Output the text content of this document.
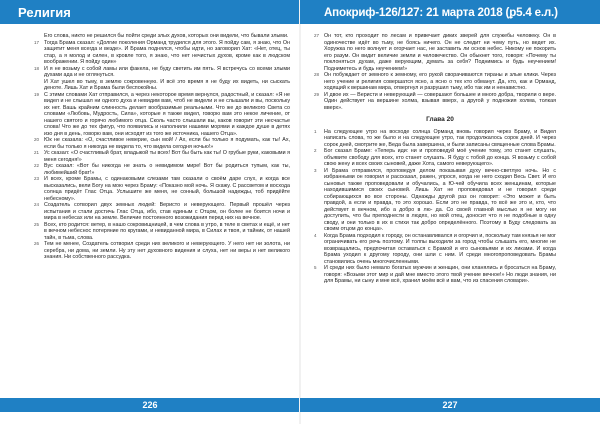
Религия
Его слова, никто не решился бы пойти среди злых духов, которых они видели, что бывали злыми.
17 Тогда Брама сказал: «Долгие поколения Орманд трудился для этого. Я пойду сам, я знаю, что Он защитит меня всегда и везде». И Брама поднялся, чтобы идти, но заговорил Хат: «Нет, отец, ты стар, а я молод и силен, в кровле того, я знаю, что нет нечистых духов, кроме как в людском воображении. Я пойду один»
18 И я не возьму с собой ламы или факела, не буду светить им пять. Я встречусь со всеми злыми духами ада и не оглянуться.
И Хат ушел во тьму, в землю сокровенную. И всё это время я не буду их видеть, ни сыскать деноте. Лишь Хат и Брама были беспокойны.
19 С этими словами Хат отправился, а через некоторое время вернулся, радостный, и сказал: «Я не видел и не слышал ни одного духа и невидим вам, чтоб не видели и не слышали и вы, поскольку их нет. Вашь крайним слинность делает вообразимые реальными. Что же до великого Света со словами «Любовь, Мудрость, Сила», которые я также видел, говорю вам это некое личение, от нашего святого и горячо любимого отца. Сколь часто слышали вы, каков говорит эти несчастье слова! Что же до тех фигур, что появились и наполнили нашими морями и каждое душе в детях изо дня в день, говорю вам, они исходят из того же источника, нашего Отца».
20 Юк не сказала: «О, счастливое неверие, сын мой! / Ах, если бы только я подумать, как ты! Ах, если бы только я никогда не видела то, что видела сегодня ночью!»
21 Ус сказал: «О счастливый брат, владыкой ты всех! Вот бы быть как ты! О грубые руки, каковыми я меня сегодня!»
22 Вус сказал: «Вот бы никогда не знать о невидимом мире! Вот бы родиться тупым, как ты, любимейший брат!»
23 И всех, кроме Брамы, с одинаковыми слезами там сказали о своём даре слух, и когда все высказались, вели Богу на мою через Браму: «Показно мой ночь. Я скажу. С рассветом и восхода солнца придёт Глас Отца. Услышите же меня, не сонный, большой надежды, тоб придёйте небесному».
24 Создатель сотворил двух земных людей: Веристо и неверующего. Первый прошёл через испытания и стали достичь Глас Отца, ибо, став единым с Отцом, он более не боится ночи и мира в небесах или на земле. Величие постоянного возожидания перед них на вечное.
25 Всех, кто родится: ветер, в нашо сокровищницей, в чем слова в утро, в теле в светах и ещё, и нет в вечном небеснос потеряние по кругами, и невиданной мира, в Силах и твоя, и тайник, от нашей тайн, в тьма, слова.
26 Тем не менее, Создатель сотворил среди них великого и неверующего. У него нет ни золота, ни серебра, ни дома, ни земли. Ну эту нет духовного видения и слуха, нет ни веры и нет великого знания. Ни собственного рассудка.
226
Апокриф-126/127: 21 марта 2018 (ᵱ5.4 е.л.)
27 Он тот, кто проходит по лесам и привечает диких зверей для служебы человеку. Он в одиночестве идёт во тьму, не боясь ничего. Он не следит ни чему путь, но ведет их. Хоружка по него волнует и огорчает нас, не заставить ли основ небес. Никому не покорить его разум. Он видит величие земли и человечество. Он обыкнет того, говоря: «Почему ты поклоняться духам, даже верующим, думать за себя? Поднимись и будь неучением! Подниметесь и будь неучением!»
28 Он побуждает от земного к земному, его рукой сворачиваются тираны и злые клики. Через него учение и религия совершатся ясно, а ясно о тех кто обманут. Да, кто, как и Орманд, ходящий к вершинам мира, отвергнул и разрушил тьму, ибо так им и ненавистно.
29 И двое их — Веристи и неверующий — совершают большее и много добра, творили о вере. Один действует на вершине холма, взывая вверх, а другой у подножия холма, толкая вверх».
Глава 20
1 На следующее утро на восходе солнца Орманд вновь говорил через Браму, и Видел написать слова, то же было и на следующее утро, так продолжалось сорок дней. И через сорок дней, смотрите же, Веда была завершена, и были записаны священные слова Брамы.
2 Бог сказал Браме: «Теперь иди: ни и проповедуй моё учение тому, это станет слушать, объявите свободу для всех, кто станет слушать. Я буду с тобой до конца. Я возьму с собой свою жену и всех своих сыновей, даже Хота, самого неверующего».
3 И Брама отправился, проповедуя делом показывая духу вечно-светлую ночь. Но с избранными он говорил и рассказал, ражен, упрося, когда не него сходил Весь Свет. И его сыновья также проповедовали и обучались, а Ю-чей обучила всех женщинам, которые находившимися своих сыновей. Лишь Хат не проповедовал и не говорил среди собирающихся во все стороны. Однажды другой раз он говорит: «Это может и быть правдой, а если и правда, то это хорошо. Если это не правда, то всё же это и, кто, что действует в вечном, ибо а добро в лю- да. Со своей главной мыслью я не могу ни доступить, что бы преподнести в людях, но мой отец, доносит что я не подобные в одну своду, и они только в их в стихи так добро определённого. Поэтому в Буду следовать за своим отцом до конца».
4 Когда Брама подходил к городу, он останавливался и огорчил и, поскольку там князья не мог ограничивать его речь поэтому. И толпы выходили за город чтобы слышать его, многие не возвращались, предпочитая оставаться с Брамой и его сыновьями и их ликами. И когда Брама уходил к другому городу, они шли с ним. И среди многопроповедовать Брамы становились очень многочисленными.
5 И среди них было немало богатых мужчин и женщин, они кланялись и бросаться на Браму, говоря: «Возьми этот мир и дай мне вместо этого твой учение вечное!» Но люди знания, ни для Брамы, ни сыну и мне всё, хранил моём всё и вам, что из спасения словари».
227
